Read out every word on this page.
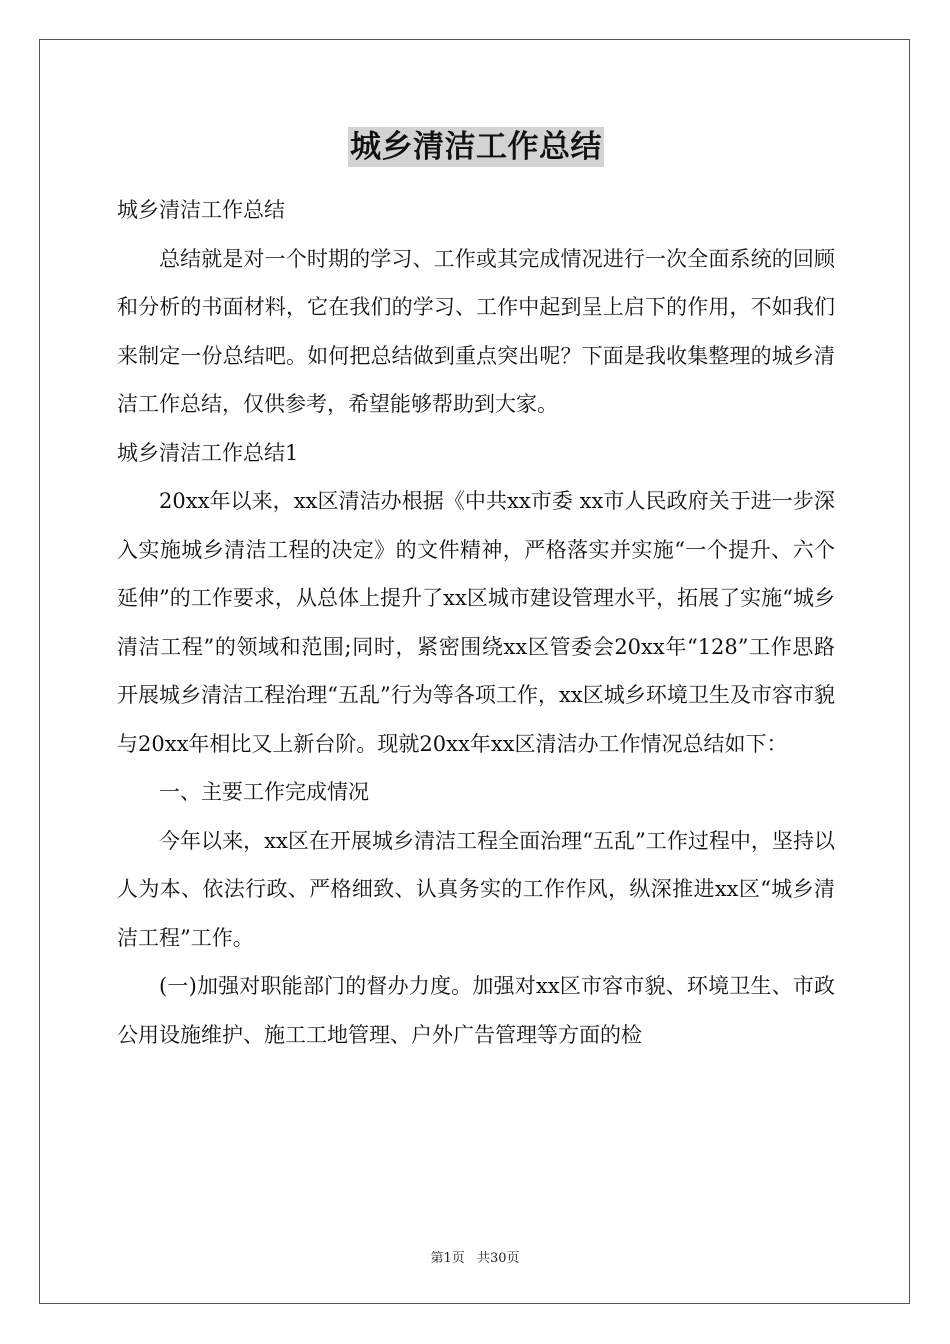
城乡清洁工作总结

城乡清洁工作总结

总结就是对一个时期的学习、工作或其完成情况进行一次全面系统的回顾和分析的书面材料，它在我们的学习、工作中起到呈上启下的作用，不如我们来制定一份总结吧。如何把总结做到重点突出呢？下面是我收集整理的城乡清洁工作总结，仅供参考，希望能够帮助到大家。

城乡清洁工作总结1

20xx年以来，xx区清洁办根据《中共xx市委 xx市人民政府关于进一步深入实施城乡清洁工程的决定》的文件精神，严格落实并实施“一个提升、六个延伸”的工作要求，从总体上提升了xx区城市建设管理水平，拓展了实施“城乡清洁工程”的领域和范围;同时，紧密围绕xx区管委会20xx年“128”工作思路开展城乡清洁工程治理“五乱”行为等各项工作，xx区城乡环境卫生及市容市貌与20xx年相比又上新台阶。现就20xx年xx区清洁办工作情况总结如下：

一、主要工作完成情况

今年以来，xx区在开展城乡清洁工程全面治理“五乱”工作过程中，坚持以人为本、依法行政、严格细致、认真务实的工作作风，纵深推进xx区“城乡清洁工程”工作。

(一)加强对职能部门的督办力度。加强对xx区市容市貌、环境卫生、市政公用设施维护、施工工地管理、户外广告管理等方面的检

第1页 共30页
